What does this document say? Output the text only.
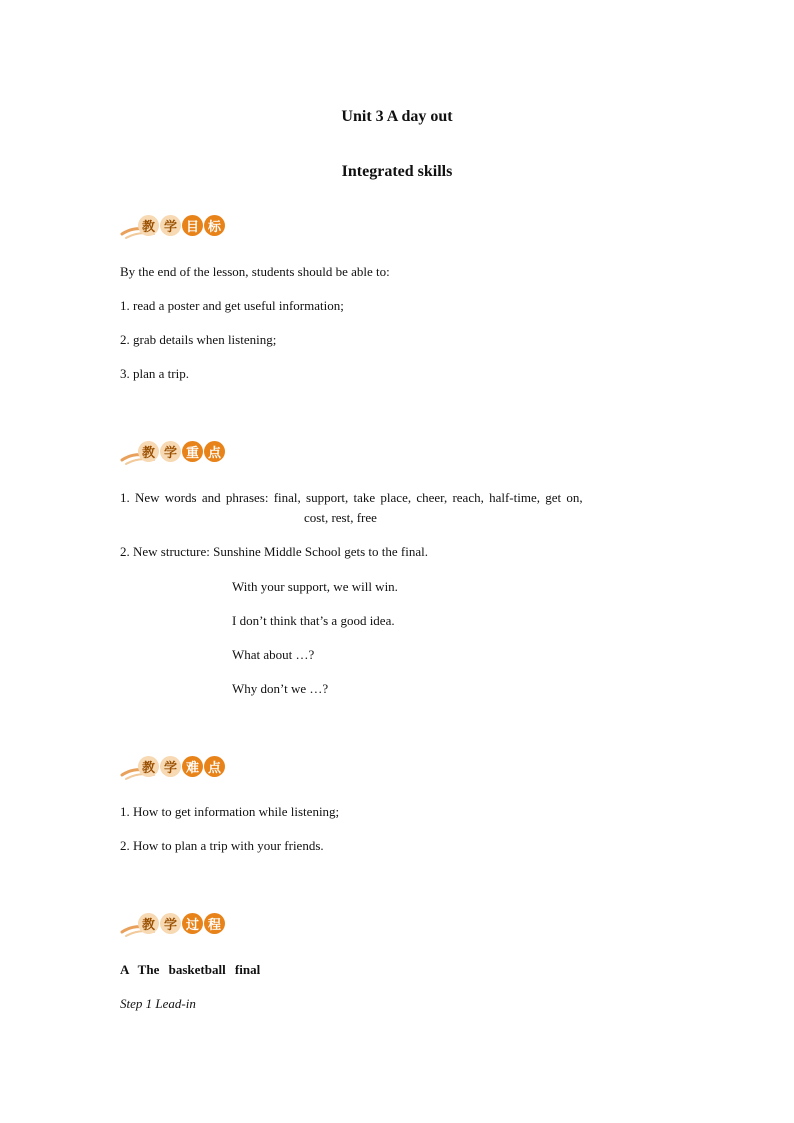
Unit 3 A day out
Integrated skills
教 学 目 标
By the end of the lesson, students should be able to:
1. read a poster and get useful information;
2. grab details when listening;
3. plan a trip.
教 学 重 点
1. New words and phrases: final, support, take place, cheer, reach, half-time, get on,
cost, rest, free
2. New structure: Sunshine Middle School gets to the final.
With your support, we will win.
I don’t think that’s a good idea.
What about …?
Why don’t we …?
教 学 难 点
1. How to get information while listening;
2. How to plan a trip with your friends.
教 学 过 程
A The basketball final
Step 1 Lead-in
